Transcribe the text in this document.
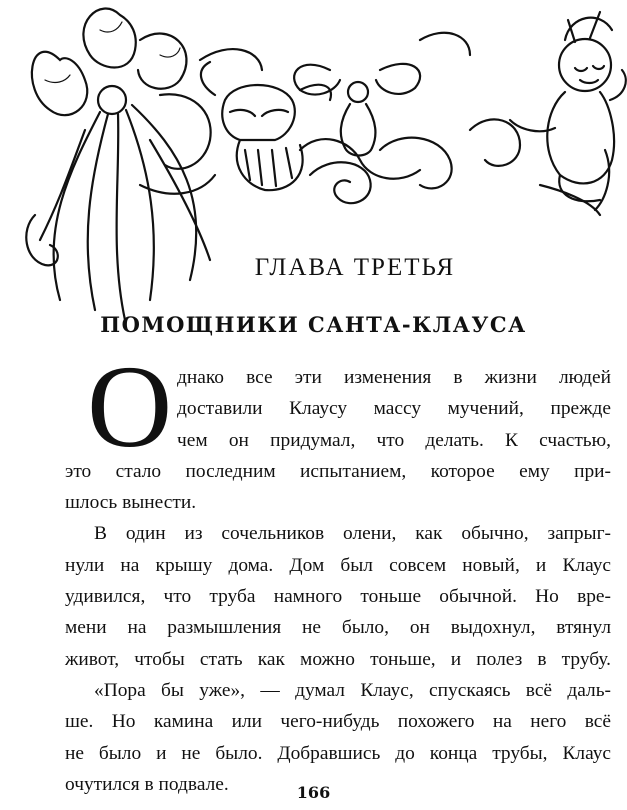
ГЛАВА ТРЕТЬЯ
ПОМОЩНИКИ САНТА-КЛАУСА
О днако все эти изменения в жизни людей
доставили Клаусу массу мучений, прежде
чем он придумал, что делать. К счастью,
это стало последним испытанием, которое ему при-
шлось вынести.
В один из сочельников олени, как обычно, запрыг-
нули на крышу дома. Дом был совсем новый, и Клаус
удивился, что труба намного тоньше обычной. Но вре-
мени на размышления не было, он выдохнул, втянул
живот, чтобы стать как можно тоньше, и полез в трубу.
«Пора бы уже», — думал Клаус, спускаясь всё даль-
ше. Но камина или чего-нибудь похожего на него всё
не было и не было. Добравшись до конца трубы, Клаус
очутился в подвале.	166
